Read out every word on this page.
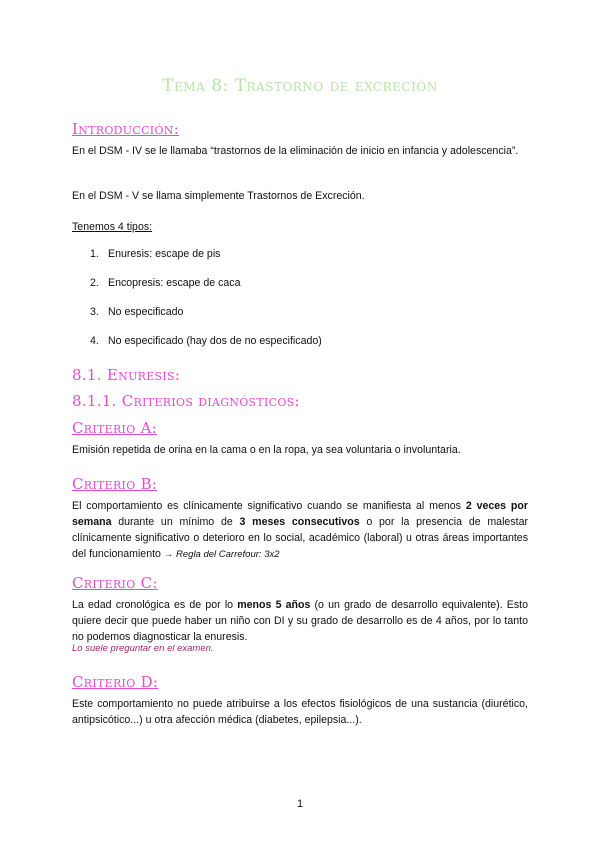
Tema 8: Trastorno de excreción
Introducción:
En el DSM - IV se le llamaba “trastornos de la eliminación de inicio en infancia y adolescencia”.
En el DSM - V se llama simplemente Trastornos de Excreción.
Tenemos 4 tipos:
1. Enuresis: escape de pis
2. Encopresis: escape de caca
3. No especificado
4. No especificado (hay dos de no especificado)
8.1. Enuresis:
8.1.1. Criterios diagnósticos:
Criterio A:
Emisión repetida de orina en la cama o en la ropa, ya sea voluntaria o involuntaria.
Criterio B:
El comportamiento es clínicamente significativo cuando se manifiesta al menos 2 veces por semana durante un mínimo de 3 meses consecutivos o por la presencia de malestar clínicamente significativo o deterioro en lo social, académico (laboral) u otras áreas importantes del funcionamiento → Regla del Carrefour: 3x2
Criterio C:
La edad cronológica es de por lo menos 5 años (o un grado de desarrollo equivalente). Esto quiere decir que puede haber un niño con DI y su grado de desarrollo es de 4 años, por lo tanto no podemos diagnosticar la enuresis.
Lo suele preguntar en el examen.
Criterio D:
Este comportamiento no puede atribuirse a los efectos fisiológicos de una sustancia (diurético, antipsicótico...) u otra afección médica (diabetes, epilepsia...).
1
